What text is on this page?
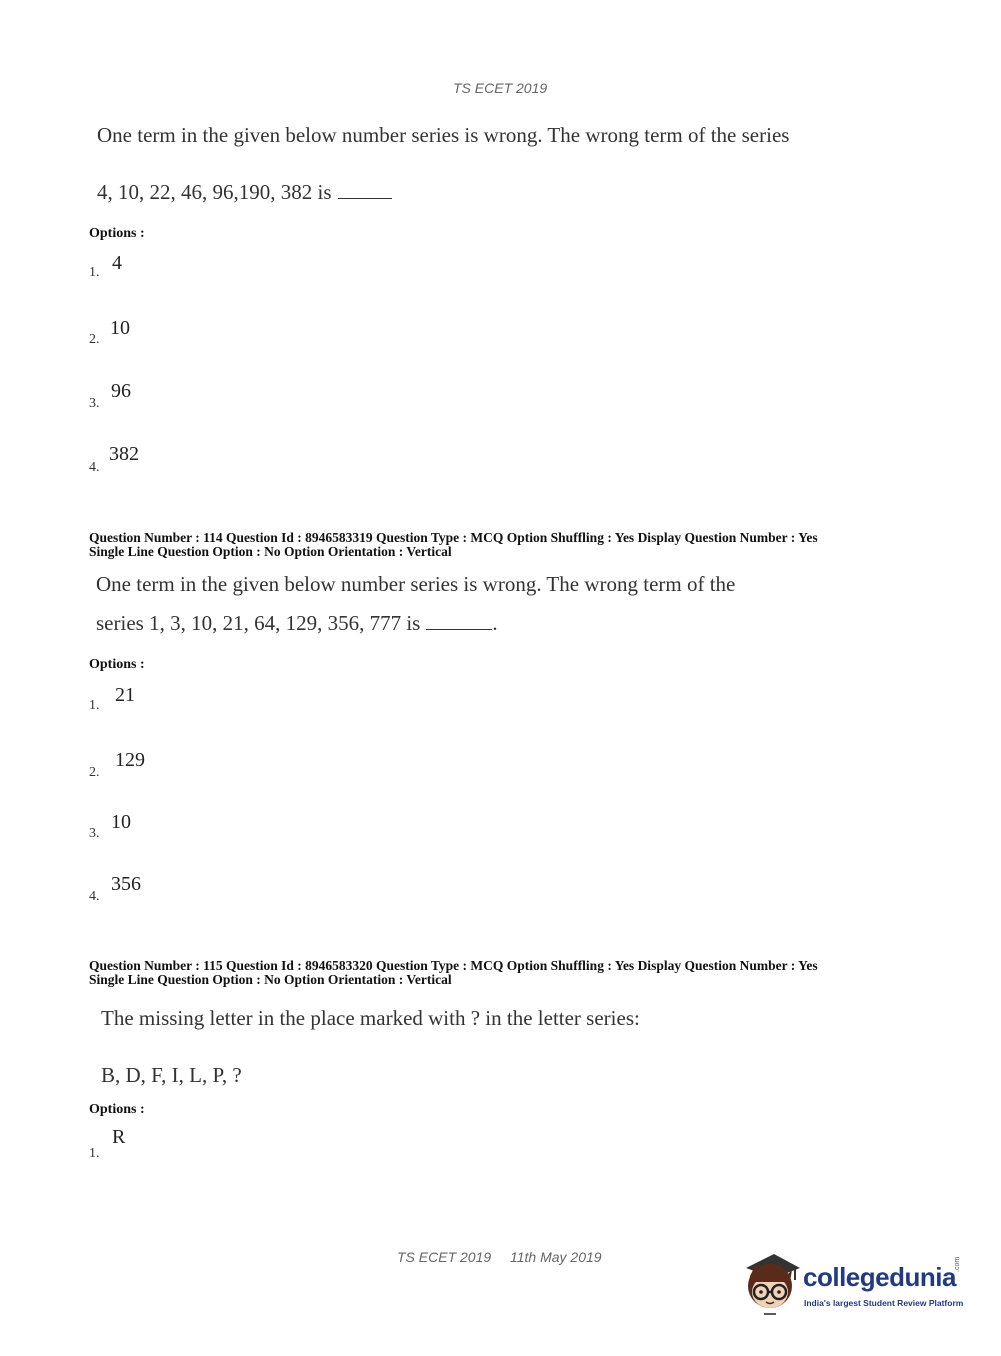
TS ECET 2019
One term in the given below number series is wrong. The wrong term of the series
4, 10, 22, 46, 96,190, 382 is
Options :
1. 4
2.
10
3.
96
4.
382
Question Number : 114 Question Id : 8946583319 Question Type : MCQ Option Shuffling : Yes Display Question Number : Yes
Single Line Question Option : No Option Orientation : Vertical
One term in the given below number series is wrong. The wrong term of the
series 1, 3, 10, 21, 64, 129, 356, 777 is	.
Options :
1. 21
2.
129
3.
10
4.
356
Question Number : 115 Question Id : 8946583320 Question Type : MCQ Option Shuffling : Yes Display Question Number : Yes
Single Line Question Option : No Option Orientation : Vertical
The missing letter in the place marked with ? in the letter series:
B, D, F, I, L, P, ?
Options :
1.
R
TS ECET 2019 11th May 2019
collegedunia
.com
India's largest Student Review Platform
